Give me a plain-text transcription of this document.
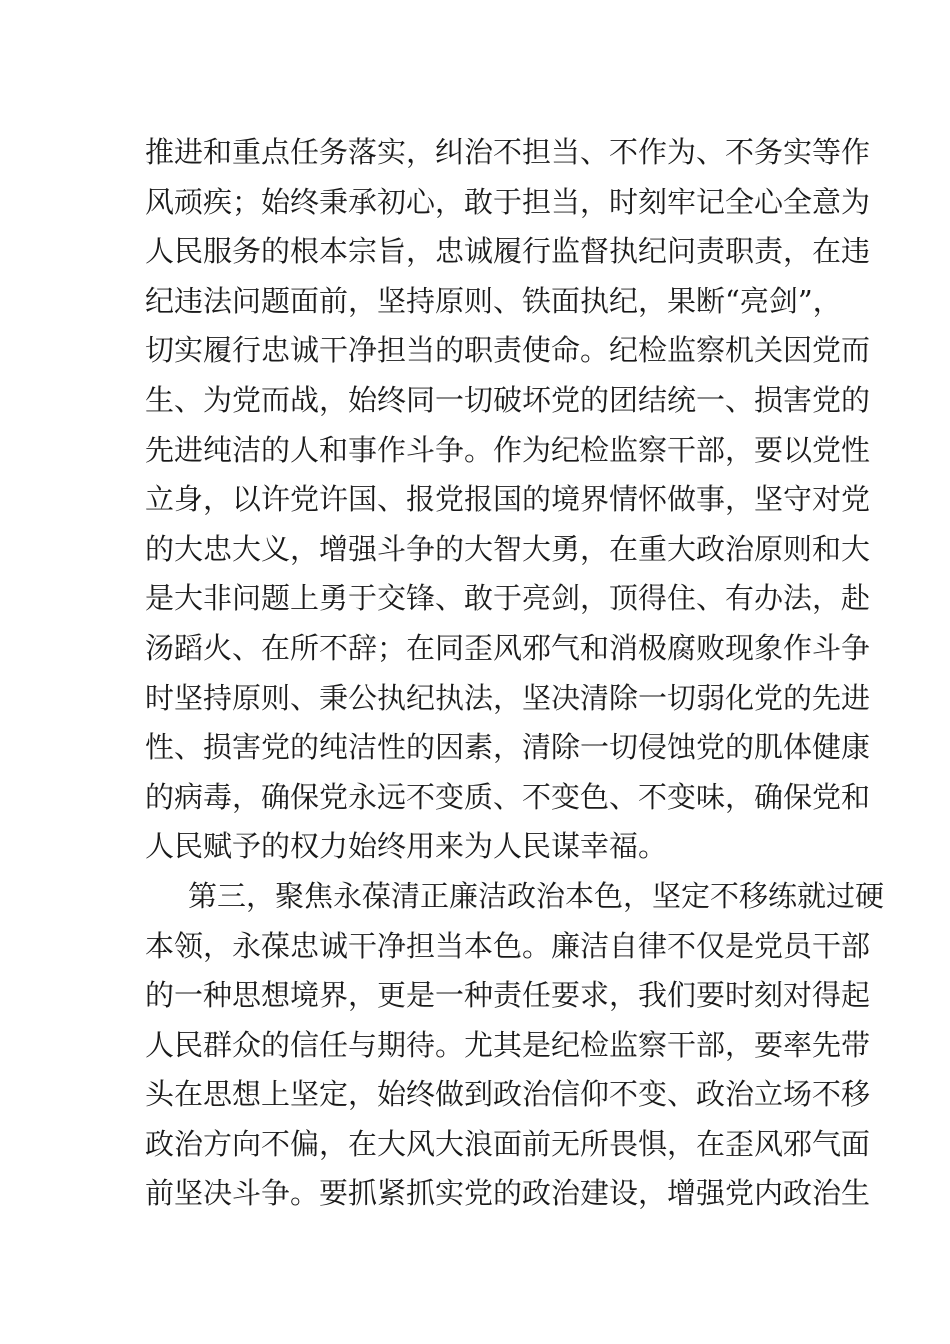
推进和重点任务落实，纠治不担当、不作为、不务实等作
风顽疾；始终秉承初心，敢于担当，时刻牢记全心全意为
人民服务的根本宗旨，忠诚履行监督执纪问责职责，在违
纪违法问题面前，坚持原则、铁面执纪，果断“亮剑”，
切实履行忠诚干净担当的职责使命。纪检监察机关因党而
生、为党而战，始终同一切破坏党的团结统一、损害党的
先进纯洁的人和事作斗争。作为纪检监察干部，要以党性
立身，以许党许国、报党报国的境界情怀做事，坚守对党
的大忠大义，增强斗争的大智大勇，在重大政治原则和大
是大非问题上勇于交锋、敢于亮剑，顶得住、有办法，赴
汤蹈火、在所不辞；在同歪风邪气和消极腐败现象作斗争
时坚持原则、秉公执纪执法，坚决清除一切弱化党的先进
性、损害党的纯洁性的因素，清除一切侵蚀党的肌体健康
的病毒，确保党永远不变质、不变色、不变味，确保党和
人民赋予的权力始终用来为人民谋幸福。
第三，聚焦永葆清正廉洁政治本色，坚定不移练就过硬
本领，永葆忠诚干净担当本色。廉洁自律不仅是党员干部
的一种思想境界，更是一种责任要求，我们要时刻对得起
人民群众的信任与期待。尤其是纪检监察干部，要率先带
头在思想上坚定，始终做到政治信仰不变、政治立场不移
政治方向不偏，在大风大浪面前无所畏惧，在歪风邪气面
前坚决斗争。要抓紧抓实党的政治建设，增强党内政治生
